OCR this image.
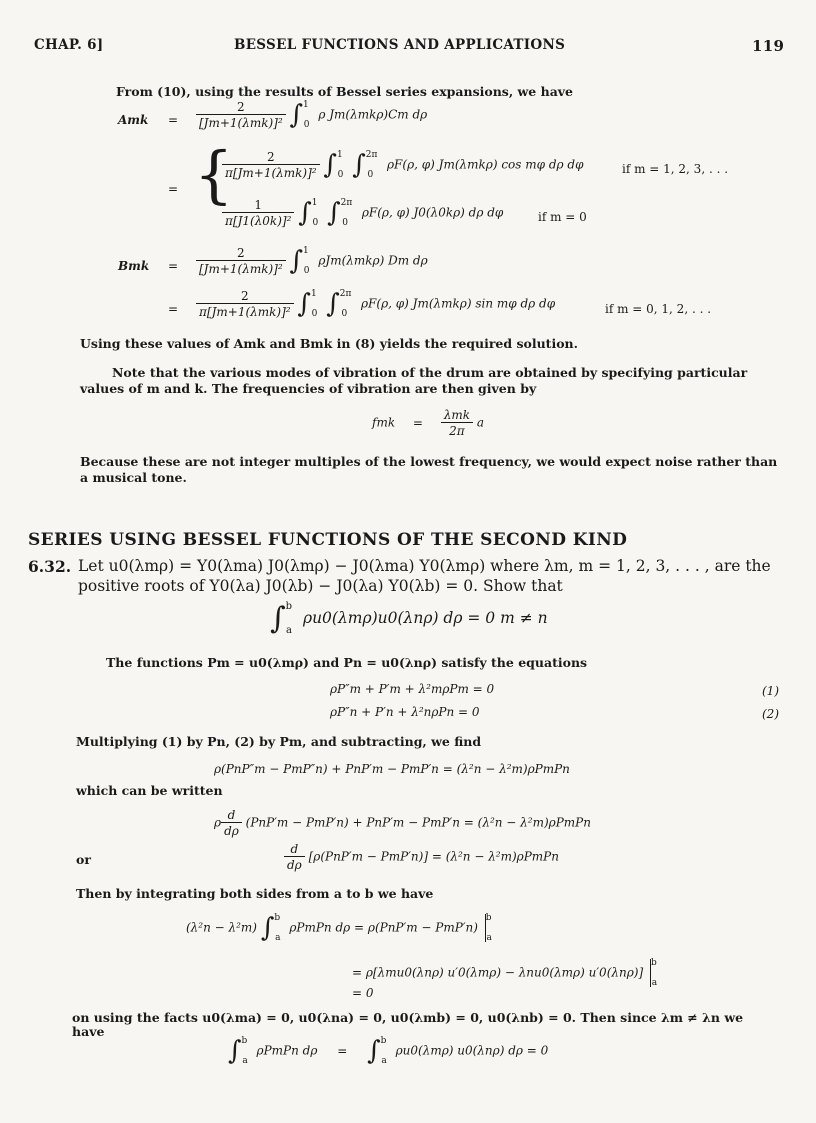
CHAP. 6]	BESSEL FUNCTIONS AND APPLICATIONS	119
From (10), using the results of Bessel series expansions, we have
Amk = $\frac{2}{\text{[Jm+1(λmk)]²}} \int^1_0$ ρ Jm(λmkρ)Cm dρ
= {
$\frac{2}{\text{π[Jm+1(λmk)]²}} \int^1_0$ ∫$^{2\pi}_0$ ρF(ρ, φ) Jm(λmkρ) cos mφ dρ dφ	if m = 1, 2, 3, . . .
$\frac{1}{\text{π[J1(λ0k)]²}} \int^1_0$ ∫$^{2\pi}_0$ ρF(ρ, φ) J0(λ0kρ) dρ dφ	if m = 0
Bmk = $\frac{2}{\text{[Jm+1(λmk)]²}} \int^1_0$ ρJm(λmkρ) Dm dρ
= $\frac{2}{\text{π[Jm+1(λmk)]²}} \int^1_0$ ∫$^{2\pi}_0$ ρF(ρ, φ) Jm(λmkρ) sin mφ dρ dφ	if m = 0, 1, 2, . . .
Using these values of Amk and Bmk in (8) yields the required solution.
Note that the various modes of vibration of the drum are obtained by specifying particular
values of m and k. The frequencies of vibration are then given by
fmk = $\frac{\text{λmk}}{2\pi}$ a
Because these are not integer multiples of the lowest frequency, we would expect noise rather than
a musical tone.
SERIES USING BESSEL FUNCTIONS OF THE SECOND KIND
6.32. Let u0(λmρ) = Y0(λma) J0(λmρ) − J0(λma) Y0(λmρ) where λm, m = 1, 2, 3, . . . , are the
positive roots of Y0(λa) J0(λb) − J0(λa) Y0(λb) = 0. Show that
∫$^b_a$ ρu0(λmρ)u0(λnρ) dρ = 0 m ≠ n
The functions Pm = u0(λmρ) and Pn = u0(λnρ) satisfy the equations
ρP″m + P′m + λ²mρPm = 0	(1)
ρP″n + P′n + λ²nρPn = 0	(2)
Multiplying (1) by Pn, (2) by Pm, and subtracting, we find
ρ(PnP″m − PmP″n) + PnP′m − PmP′n = (λ²n − λ²m)ρPmPn
which can be written
ρ $\frac{d}{d\rho} (PnP'm - PmP'n) + PnP'm - PmP'n = (\lambda^2n$ − λ²m)ρPmPn
or	$\frac{d}{d\rho} [\rho(PnP'm - PmP'n)] = (\lambda^2n$ − λ²m)ρPmPn
Then by integrating both sides from a to b we have
(λ²n − λ²m) ∫$^b_a$ ρPmPn dρ = ρ(PnP′m − PmP′n) $^b_a$
= ρ[λmu0(λnρ) u′0(λmρ) − λnu0(λmρ) u′0(λnρ)] $^b_a$
= 0
on using the facts u0(λma) = 0, u0(λna) = 0, u0(λmb) = 0, u0(λnb) = 0. Then since λm ≠ λn we
have
∫$^b_a$ ρPmPn dρ = ∫$^b_a$ ρu0(λmρ) u0(λnρ) dρ = 0
